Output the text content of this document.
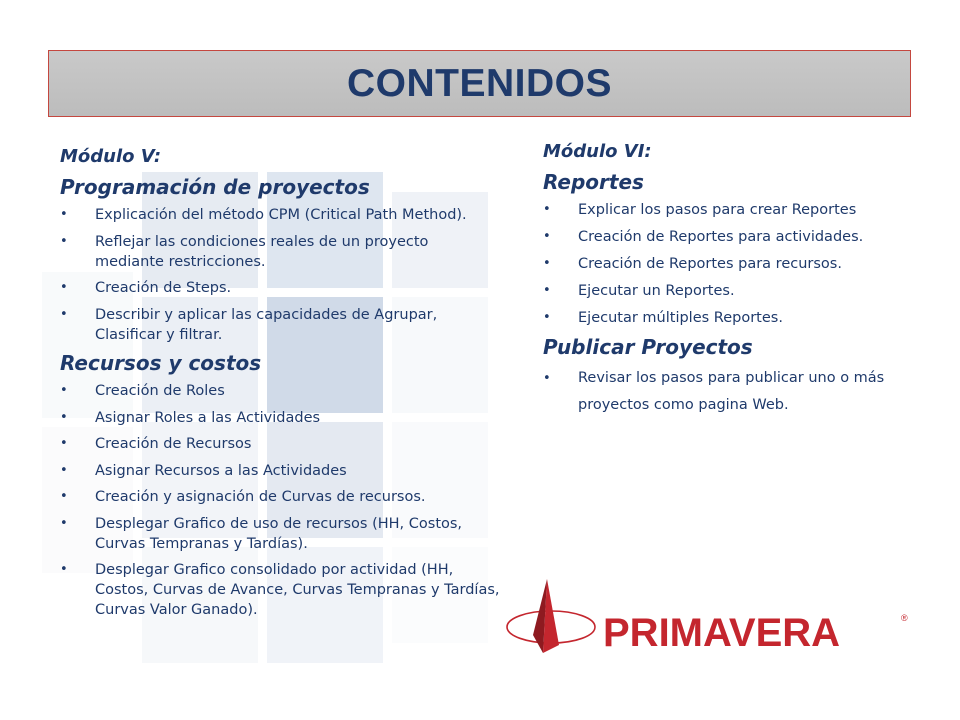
CONTENIDOS
Módulo V:
Programación de proyectos
• Explicación del método CPM (Critical Path Method).
• Reflejar las condiciones reales de un proyecto mediante restricciones.
• Creación de Steps.
• Describir y aplicar las capacidades de Agrupar, Clasificar y filtrar.
Recursos y costos
• Creación de Roles
• Asignar Roles a las Actividades
• Creación de Recursos
• Asignar Recursos a las Actividades
• Creación y asignación de Curvas de recursos.
• Desplegar Grafico de uso de recursos (HH, Costos, Curvas Tempranas y Tardías).
• Desplegar Grafico consolidado por actividad (HH, Costos, Curvas de Avance, Curvas Tempranas y Tardías, Curvas Valor Ganado).
Módulo VI:
Reportes
• Explicar los pasos para crear Reportes
• Creación de Reportes para actividades.
• Creación de Reportes para recursos.
• Ejecutar un Reportes.
• Ejecutar múltiples Reportes.
Publicar Proyectos
• Revisar los pasos para publicar uno o más proyectos como pagina Web.
PRIMAVERA	®
